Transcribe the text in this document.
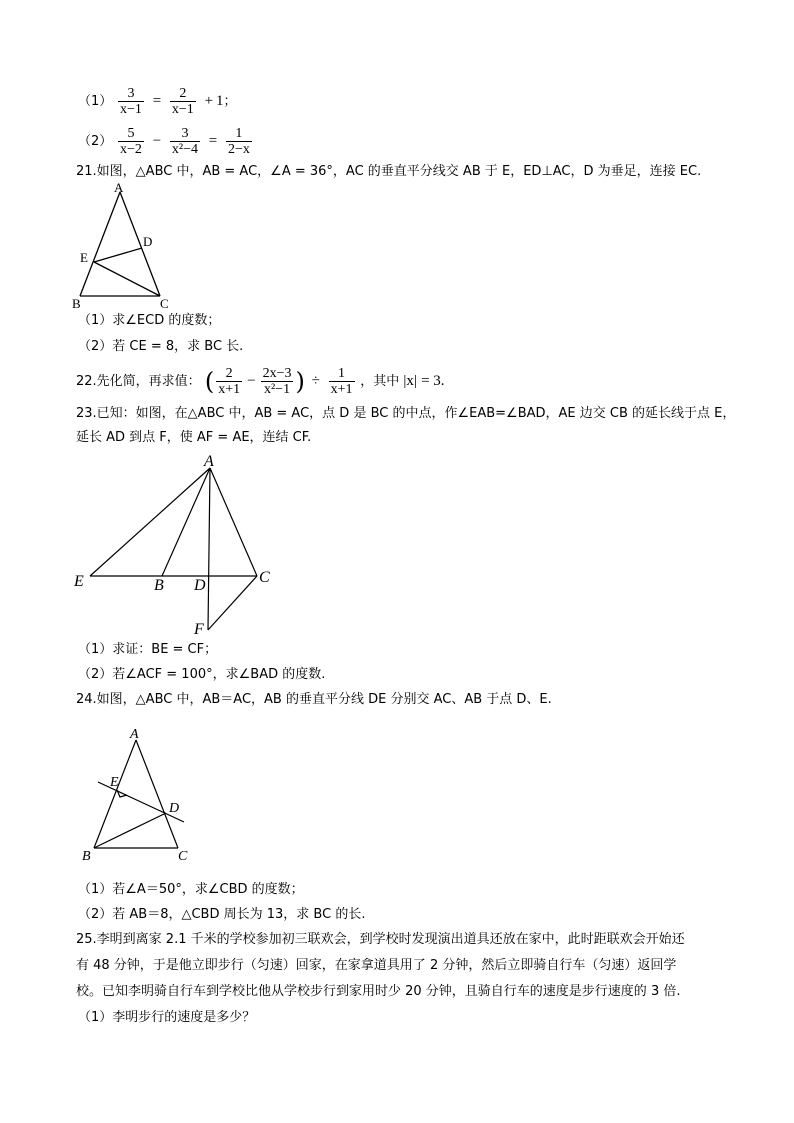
$(1) \frac{3}{x-1} = \frac{2}{x-1} + 1$；
$(2) \frac{5}{x-2} - \frac{3}{\text{x²−4}} = \frac{1}{2-x}$
21.如图，△ABC 中，AB = AC，∠A = 36°，AC 的垂直平分线交 AB 于 E，ED⊥AC，D 为垂足，连接 EC.
A
B	C
D
E
（1）求∠ECD 的度数；
（2）若 CE = 8，求 BC 长.
22.先化简，再求值： ( $\frac{2}{x+1} - \frac{2x-3}{\text{x²−1}}$ ) ÷ $\frac{1}{x+1}$ ，其中 |x| = 3.
23.已知：如图，在△ABC 中，AB = AC，点 D 是 BC 的中点，作∠EAB=∠BAD，AE 边交 CB 的延长线于点 E，
延长 AD 到点 F，使 AF = AE，连结 CF.
A
E	B D	C
F
（1）求证：BE = CF；
（2）若∠ACF = 100°，求∠BAD 的度数.
24.如图，△ABC 中，AB＝AC，AB 的垂直平分线 DE 分别交 AC、AB 于点 D、E.
A
E
D
B	C
（1）若∠A＝50°，求∠CBD 的度数；
（2）若 AB＝8，△CBD 周长为 13，求 BC 的长.
25.李明到离家 2.1 千米的学校参加初三联欢会，到学校时发现演出道具还放在家中，此时距联欢会开始还
有 48 分钟，于是他立即步行（匀速）回家，在家拿道具用了 2 分钟，然后立即骑自行车（匀速）返回学
校。已知李明骑自行车到学校比他从学校步行到家用时少 20 分钟，且骑自行车的速度是步行速度的 3 倍.
（1）李明步行的速度是多少？
